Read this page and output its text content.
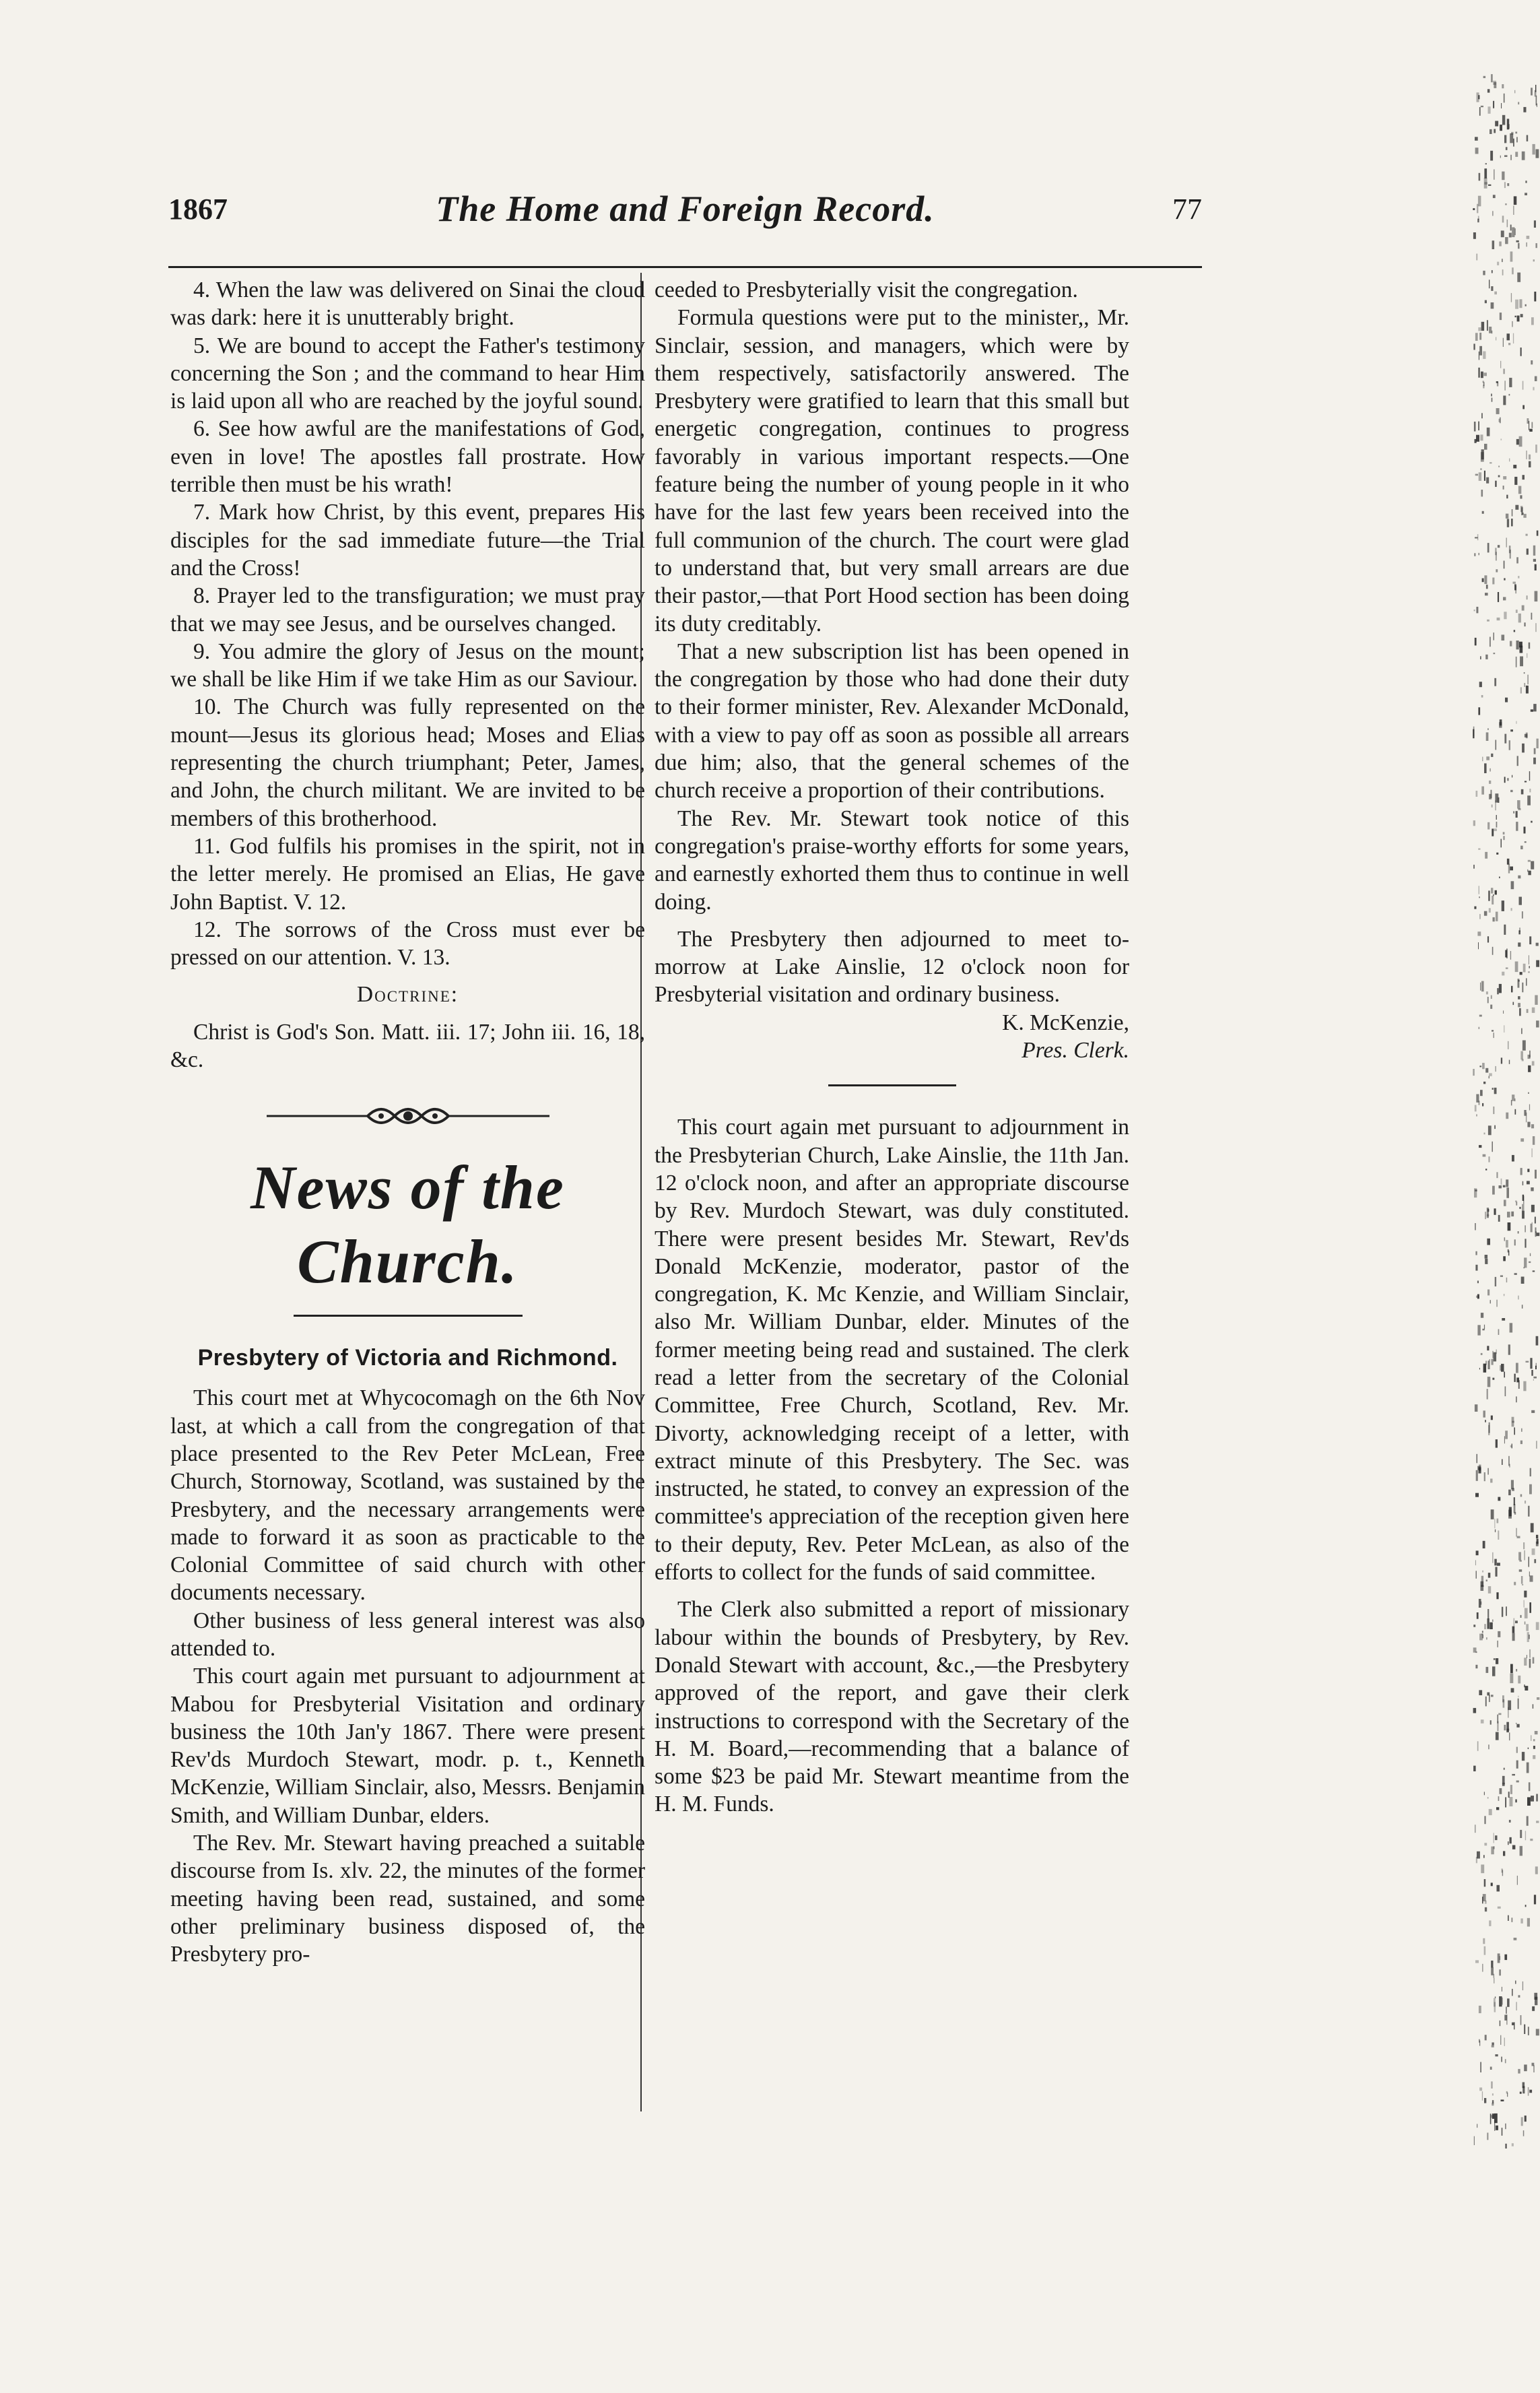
1867	The Home and Foreign Record.	77

4. When the law was delivered on Sinai the cloud was dark: here it is unutterably bright.

5. We are bound to accept the Father's testimony concerning the Son ; and the command to hear Him is laid upon all who are reached by the joyful sound.

6. See how awful are the manifestations of God, even in love! The apostles fall prostrate. How terrible then must be his wrath!

7. Mark how Christ, by this event, prepares His disciples for the sad immediate future—the Trial and the Cross!

8. Prayer led to the transfiguration; we must pray that we may see Jesus, and be ourselves changed.

9. You admire the glory of Jesus on the mount; we shall be like Him if we take Him as our Saviour.

10. The Church was fully represented on the mount—Jesus its glorious head; Moses and Elias representing the church triumphant; Peter, James, and John, the church militant. We are invited to be members of this brotherhood.

11. God fulfils his promises in the spirit, not in the letter merely. He promised an Elias, He gave John Baptist. V. 12.

12. The sorrows of the Cross must ever be pressed on our attention. V. 13.

Doctrine:

Christ is God's Son. Matt. iii. 17; John iii. 16, 18, &c.

News of the Church.
Presbytery of Victoria and Richmond.

This court met at Whycocomagh on the 6th Nov last, at which a call from the congregation of that place presented to the Rev Peter McLean, Free Church, Stornoway, Scotland, was sustained by the Presbytery, and the necessary arrangements were made to forward it as soon as practicable to the Colonial Committee of said church with other documents necessary.

Other business of less general interest was also attended to.

This court again met pursuant to adjournment at Mabou for Presbyterial Visitation and ordinary business the 10th Jan'y 1867. There were present Rev'ds Murdoch Stewart, modr. p. t., Kenneth McKenzie, William Sinclair, also, Messrs. Benjamin Smith, and William Dunbar, elders.

The Rev. Mr. Stewart having preached a suitable discourse from Is. xlv. 22, the minutes of the former meeting having been read, sustained, and some other preliminary business disposed of, the Presbytery pro-

ceeded to Presbyterially visit the congregation.

Formula questions were put to the minister,, Mr. Sinclair, session, and managers, which were by them respectively, satisfactorily answered. The Presbytery were gratified to learn that this small but energetic congregation, continues to progress favorably in various important respects.—One feature being the number of young people in it who have for the last few years been received into the full communion of the church. The court were glad to understand that, but very small arrears are due their pastor,—that Port Hood section has been doing its duty creditably.

That a new subscription list has been opened in the congregation by those who had done their duty to their former minister, Rev. Alexander McDonald, with a view to pay off as soon as possible all arrears due him; also, that the general schemes of the church receive a proportion of their contributions.

The Rev. Mr. Stewart took notice of this congregation's praise-worthy efforts for some years, and earnestly exhorted them thus to continue in well doing.

The Presbytery then adjourned to meet to-morrow at Lake Ainslie, 12 o'clock noon for Presbyterial visitation and ordinary business.

K. McKenzie,

Pres. Clerk.

This court again met pursuant to adjournment in the Presbyterian Church, Lake Ainslie, the 11th Jan. 12 o'clock noon, and after an appropriate discourse by Rev. Murdoch Stewart, was duly constituted. There were present besides Mr. Stewart, Rev'ds Donald McKenzie, moderator, pastor of the congregation, K. Mc Kenzie, and William Sinclair, also Mr. William Dunbar, elder. Minutes of the former meeting being read and sustained. The clerk read a letter from the secretary of the Colonial Committee, Free Church, Scotland, Rev. Mr. Divorty, acknowledging receipt of a letter, with extract minute of this Presbytery. The Sec. was instructed, he stated, to convey an expression of the committee's appreciation of the reception given here to their deputy, Rev. Peter McLean, as also of the efforts to collect for the funds of said committee.

The Clerk also submitted a report of missionary labour within the bounds of Presbytery, by Rev. Donald Stewart with account, &c.,—the Presbytery approved of the report, and gave their clerk instructions to correspond with the Secretary of the H. M. Board,—recommending that a balance of some $23 be paid Mr. Stewart meantime from the H. M. Funds.
